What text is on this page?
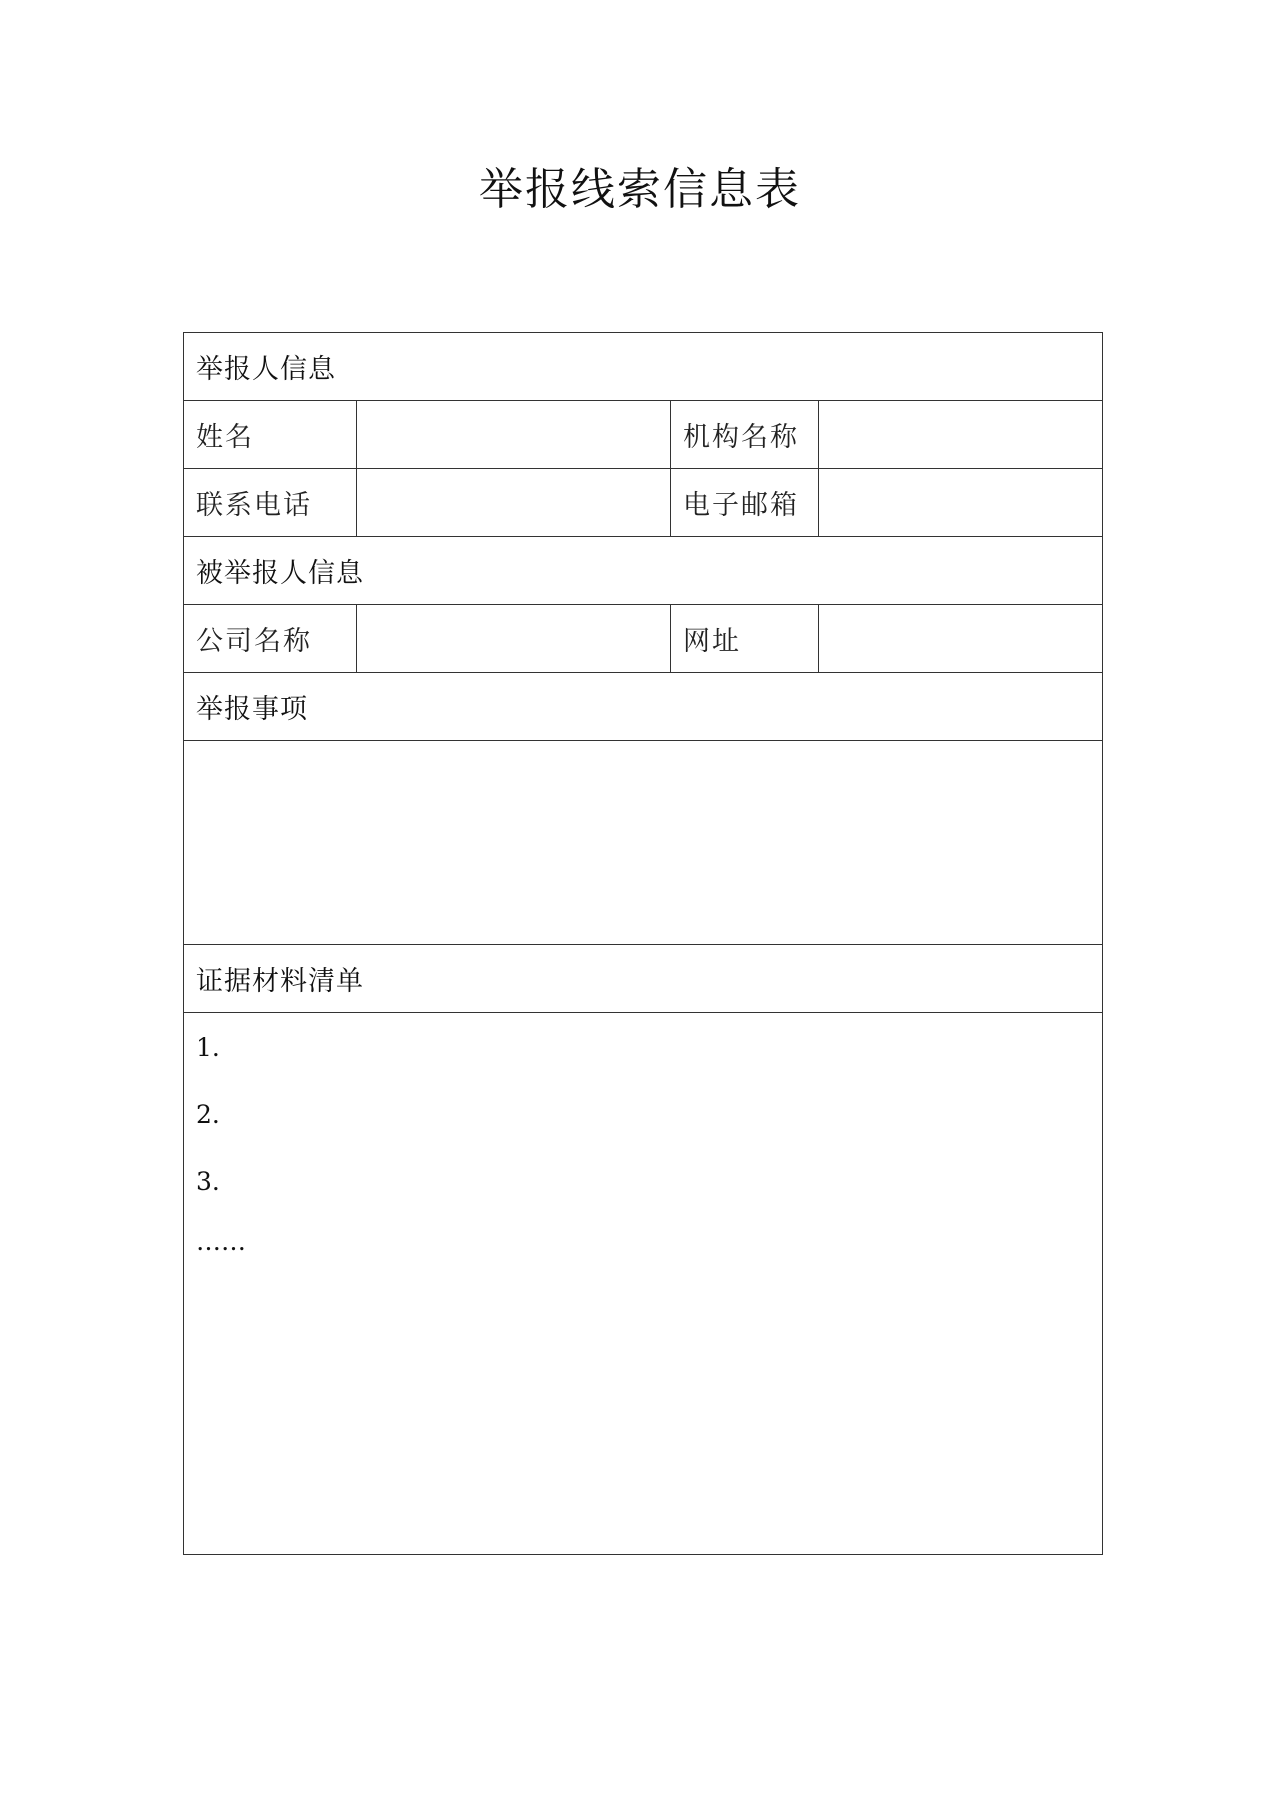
举报线索信息表
举报人信息
姓名	机构名称
联系电话	电子邮箱
被举报人信息
公司名称	网址
举报事项
证据材料清单
1.
2.
3.
……
